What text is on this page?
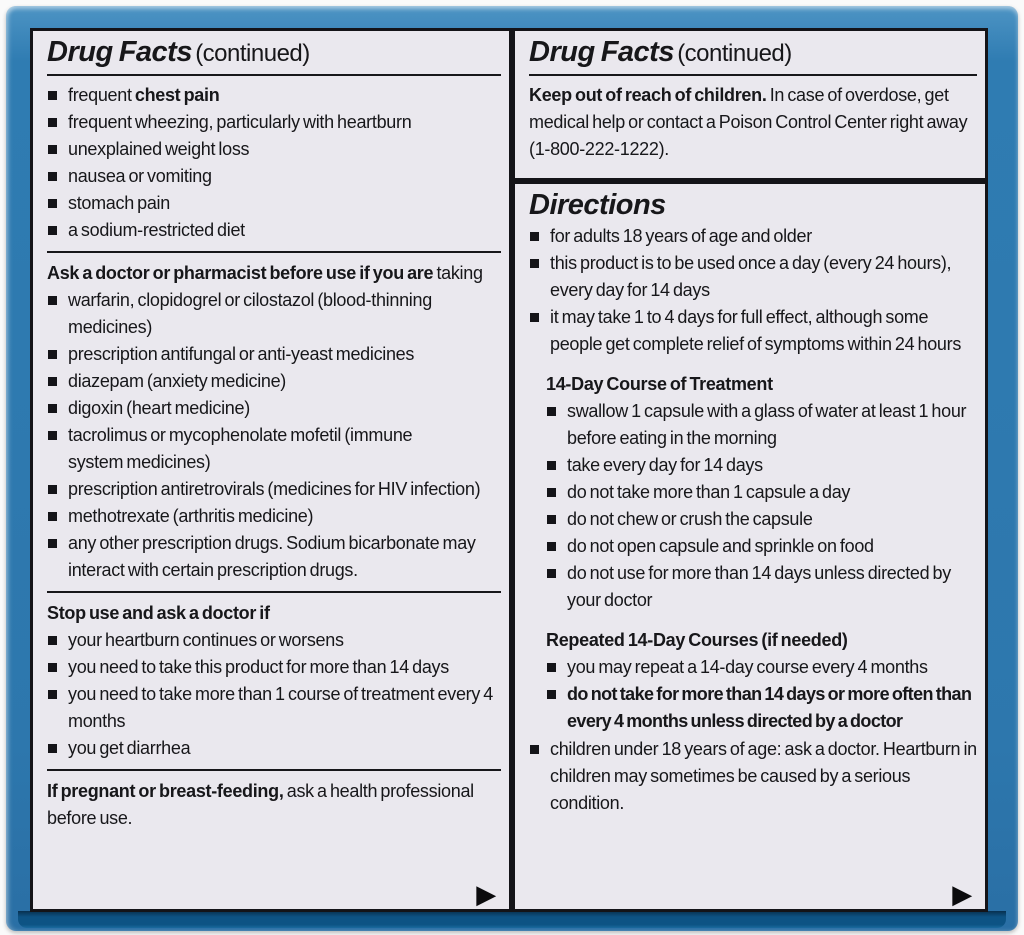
Drug Facts (continued)
frequent chest pain
frequent wheezing, particularly with heartburn
unexplained weight loss
nausea or vomiting
stomach pain
a sodium-restricted diet

Ask a doctor or pharmacist before use if you are taking

warfarin, clopidogrel or cilostazol (blood-thinning medicines)
prescription antifungal or anti-yeast medicines
diazepam (anxiety medicine)
digoxin (heart medicine)
tacrolimus or mycophenolate mofetil (immune system medicines)
prescription antiretrovirals (medicines for HIV infection)
methotrexate (arthritis medicine)
any other prescription drugs. Sodium bicarbonate may interact with certain prescription drugs.

Stop use and ask a doctor if

your heartburn continues or worsens
you need to take this product for more than 14 days
you need to take more than 1 course of treatment every 4 months
you get diarrhea

If pregnant or breast-feeding, ask a health professional before use.

▶
Drug Facts (continued)

Keep out of reach of children. In case of overdose, get medical help or contact a Poison Control Center right away (1-800-222-1222).

Directions
for adults 18 years of age and older
this product is to be used once a day (every 24 hours), every day for 14 days
it may take 1 to 4 days for full effect, although some people get complete relief of symptoms within 24 hours

14-Day Course of Treatment

swallow 1 capsule with a glass of water at least 1 hour before eating in the morning
take every day for 14 days
do not take more than 1 capsule a day
do not chew or crush the capsule
do not open capsule and sprinkle on food
do not use for more than 14 days unless directed by your doctor

Repeated 14-Day Courses (if needed)

you may repeat a 14-day course every 4 months
do not take for more than 14 days or more often than every 4 months unless directed by a doctor
children under 18 years of age: ask a doctor. Heartburn in children may sometimes be caused by a serious condition.
▶
